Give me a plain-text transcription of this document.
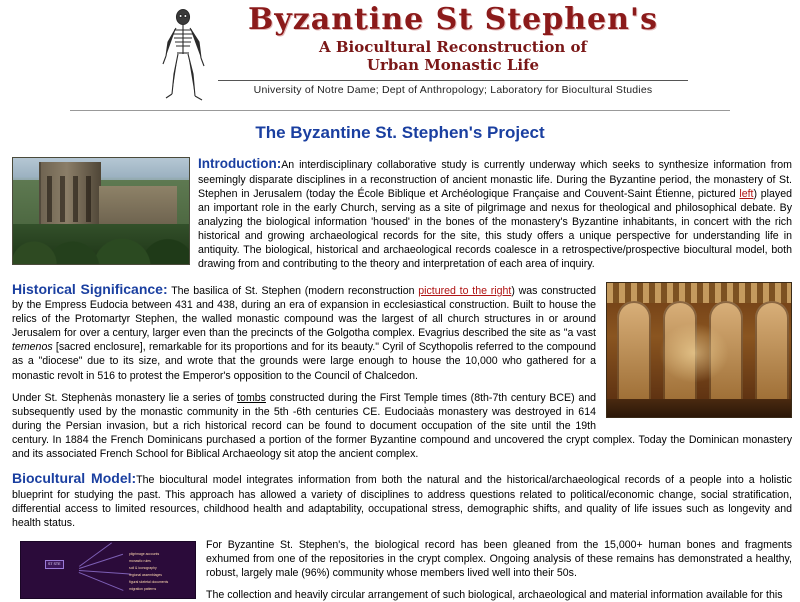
Byzantine St Stephen's
A Biocultural Reconstruction of
Urban Monastic Life
University of Notre Dame; Dept of Anthropology; Laboratory for Biocultural Studies
The Byzantine St. Stephen's Project

Introduction:An interdisciplinary collaborative study is currently underway which seeks to synthesize information from seemingly disparate disciplines in a reconstruction of ancient monastic life. During the Byzantine period, the monastery of St. Stephen in Jerusalem (today the École Biblique et Archéologique Française and Couvent-Saint Étienne, pictured left) played an important role in the early Church, serving as a site of pilgrimage and nexus for theological and philosophical debate. By analyzing the biological information 'housed' in the bones of the monastery's Byzantine inhabitants, in concert with the rich historical and growing archaeological records for the site, this study offers a unique perspective for understanding life in antiquity. The biological, historical and archaeological records coalesce in a retrospective/prospective biocultural model, both drawing from and contributing to the theory and interpretation of each area of inquiry.

Historical Significance: The basilica of St. Stephen (modern reconstruction pictured to the right) was constructed by the Empress Eudocia between 431 and 438, during an era of expansion in ecclesiastical construction. Built to house the relics of the Protomartyr Stephen, the walled monastic compound was the largest of all church structures in or around Jerusalem for over a century, larger even than the precincts of the Golgotha complex. Evagrius described the site as "a vast temenos [sacred enclosure], remarkable for its proportions and for its beauty." Cyril of Scythopolis referred to the compound as a "diocese" due to its size, and wrote that the grounds were large enough to house the 10,000 who gathered for a monastic revolt in 516 to protest the Emperor's opposition to the Council of Chalcedon.

Under St. Stephenàs monastery lie a series of tombs constructed during the First Temple times (8th-7th century BCE) and subsequently used by the monastic community in the 5th -6th centuries CE. Eudociaàs monastery was destroyed in 614 during the Persian invasion, but a rich historical record can be found to document occupation of the site until the 19th century. In 1884 the French Dominicans purchased a portion of the former Byzantine compound and uncovered the crypt complex. Today the Dominican monastery and its associated French School for Biblical Archaeology sit atop the ancient complex.

Biocultural Model:The biocultural model integrates information from both the natural and the historical/archaeological records of a people into a holistic blueprint for studying the past. This approach has allowed a variety of disciplines to address questions related to political/economic change, social stratification, differential access to limited resources, childhood health and adaptability, occupational stress, demographic shifts, and quality of life issues such as longevity and health status.

ST STE
pilgrimage accounts
monastic rules
soil & iconography
regional assemblages
figural skeletal documents
migration patterns

For Byzantine St. Stephen's, the biological record has been gleaned from the 15,000+ human bones and fragments exhumed from one of the repositories in the crypt complex. Ongoing analysis of these remains has demonstrated a healthy, robust, largely male (96%) community whose members lived well into their 50s.

The collection and heavily circular arrangement of such biological, archaeological and material information available for this
